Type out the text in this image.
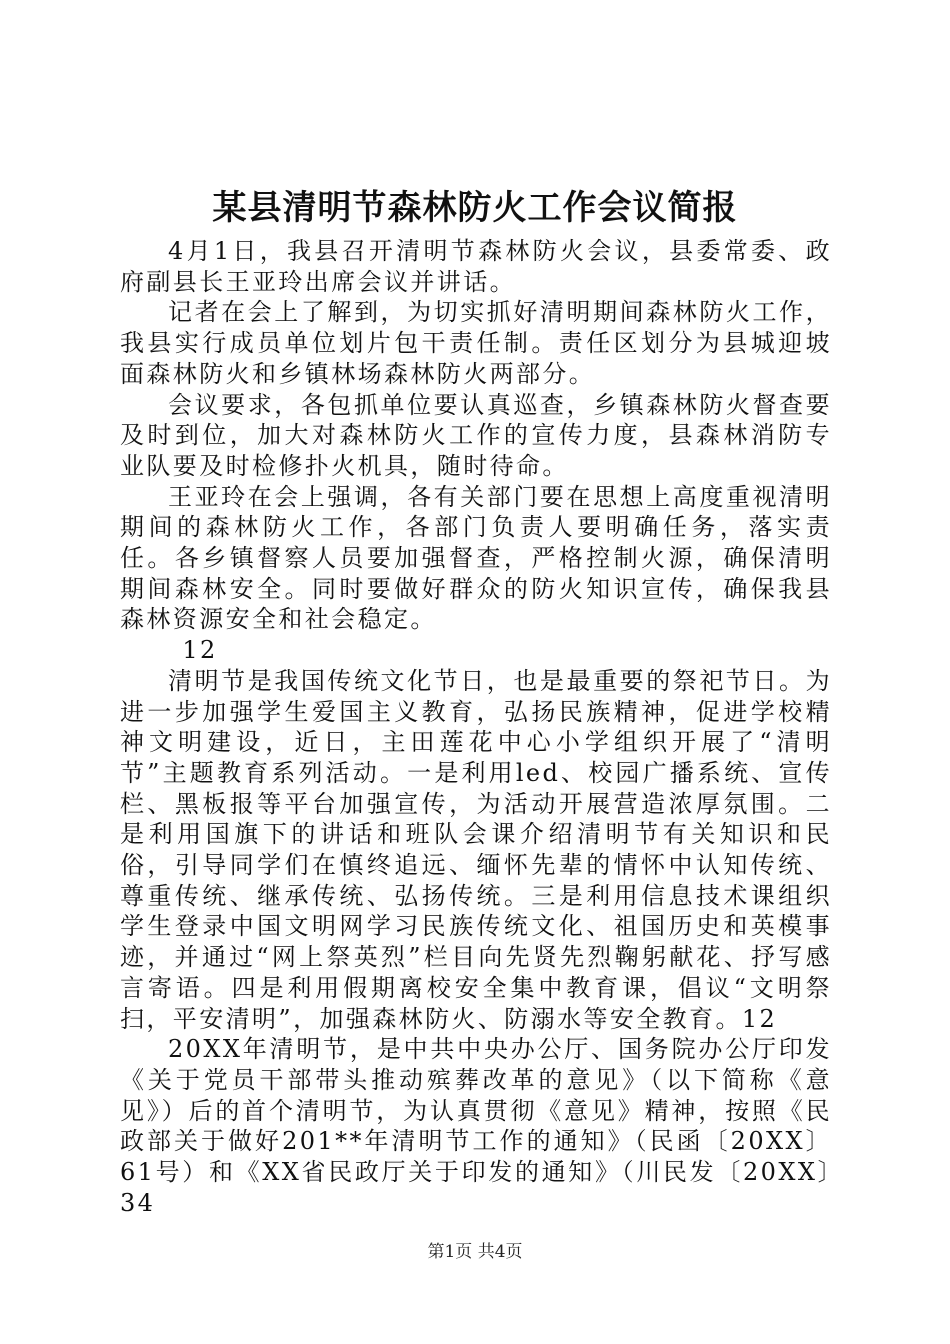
某县清明节森林防火工作会议简报

4月1日，我县召开清明节森林防火会议，县委常委、政府副县长王亚玲出席会议并讲话。

记者在会上了解到，为切实抓好清明期间森林防火工作，我县实行成员单位划片包干责任制。责任区划分为县城迎坡面森林防火和乡镇林场森林防火两部分。

会议要求，各包抓单位要认真巡查，乡镇森林防火督查要及时到位，加大对森林防火工作的宣传力度，县森林消防专业队要及时检修扑火机具，随时待命。

王亚玲在会上强调，各有关部门要在思想上高度重视清明期间的森林防火工作，各部门负责人要明确任务，落实责任。各乡镇督察人员要加强督查，严格控制火源，确保清明期间森林安全。同时要做好群众的防火知识宣传，确保我县森林资源安全和社会稳定。

12

清明节是我国传统文化节日，也是最重要的祭祀节日。为进一步加强学生爱国主义教育，弘扬民族精神，促进学校精神文明建设，近日，主田莲花中心小学组织开展了“清明节”主题教育系列活动。一是利用led、校园广播系统、宣传栏、黑板报等平台加强宣传，为活动开展营造浓厚氛围。二是利用国旗下的讲话和班队会课介绍清明节有关知识和民俗，引导同学们在慎终追远、缅怀先辈的情怀中认知传统、尊重传统、继承传统、弘扬传统。三是利用信息技术课组织学生登录中国文明网学习民族传统文化、祖国历史和英模事迹，并通过“网上祭英烈”栏目向先贤先烈鞠躬献花、抒写感言寄语。四是利用假期离校安全集中教育课，倡议“文明祭扫，平安清明”，加强森林防火、防溺水等安全教育。12

20XX年清明节，是中共中央办公厅、国务院办公厅印发《关于党员干部带头推动殡葬改革的意见》（以下简称《意见》）后的首个清明节，为认真贯彻《意见》精神，按照《民政部关于做好201**年清明节工作的通知》（民函〔20XX〕61号）和《XX省民政厅关于印发的通知》（川民发〔20XX〕34

第1页 共4页
